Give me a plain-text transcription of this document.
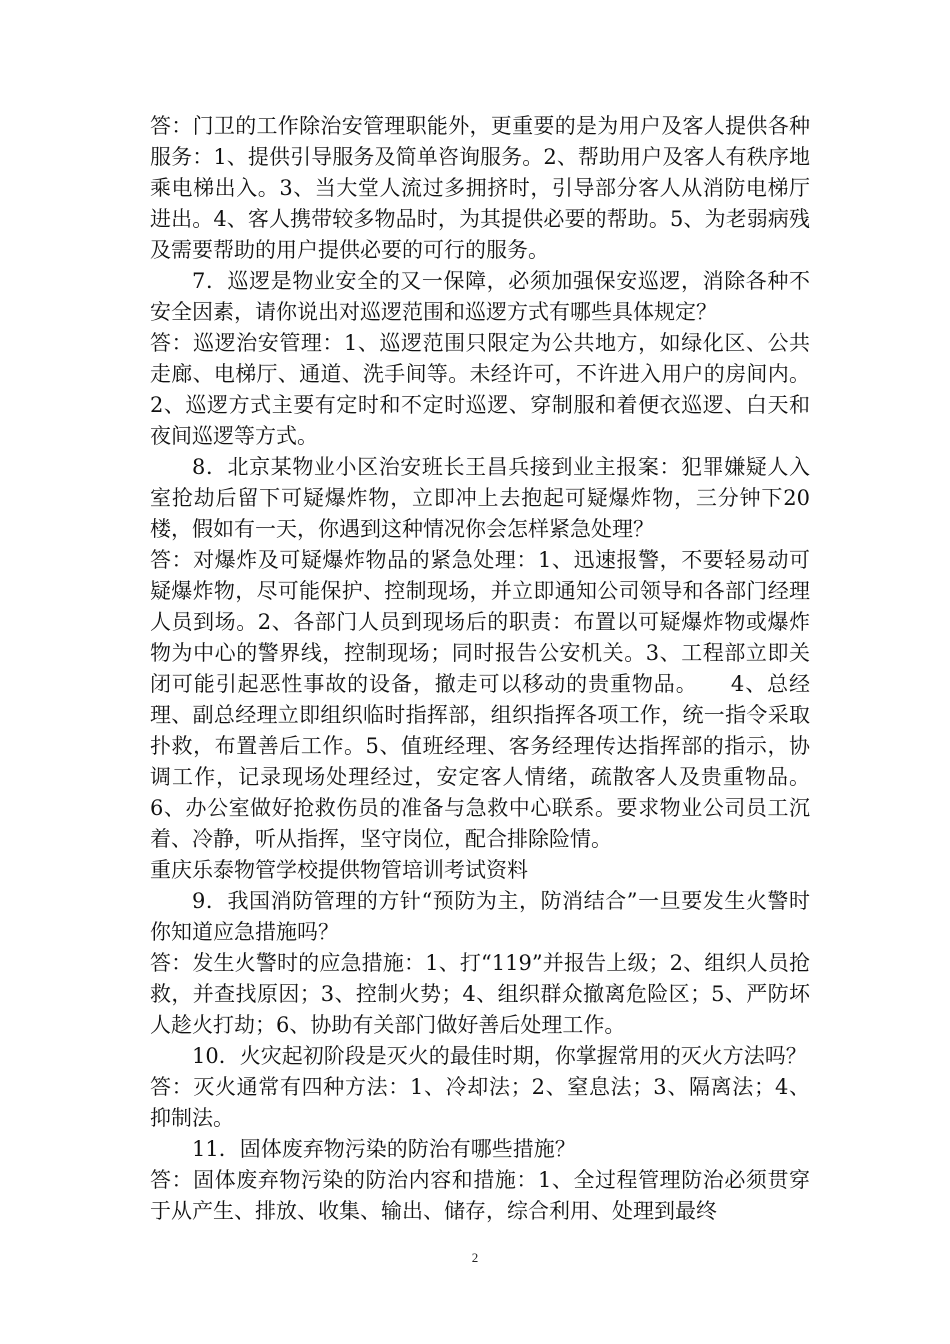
答：门卫的工作除治安管理职能外，更重要的是为用户及客人提供各种服务：1、提供引导服务及简单咨询服务。2、帮助用户及客人有秩序地乘电梯出入。3、当大堂人流过多拥挤时，引导部分客人从消防电梯厅进出。4、客人携带较多物品时，为其提供必要的帮助。5、为老弱病残及需要帮助的用户提供必要的可行的服务。

7．巡逻是物业安全的又一保障，必须加强保安巡逻，消除各种不安全因素，请你说出对巡逻范围和巡逻方式有哪些具体规定？

答：巡逻治安管理：1、巡逻范围只限定为公共地方，如绿化区、公共走廊、电梯厅、通道、洗手间等。未经许可，不许进入用户的房间内。2、巡逻方式主要有定时和不定时巡逻、穿制服和着便衣巡逻、白天和夜间巡逻等方式。

8．北京某物业小区治安班长王昌兵接到业主报案：犯罪嫌疑人入室抢劫后留下可疑爆炸物，立即冲上去抱起可疑爆炸物，三分钟下20楼，假如有一天，你遇到这种情况你会怎样紧急处理？

答：对爆炸及可疑爆炸物品的紧急处理：1、迅速报警，不要轻易动可疑爆炸物，尽可能保护、控制现场，并立即通知公司领导和各部门经理人员到场。2、各部门人员到现场后的职责：布置以可疑爆炸物或爆炸物为中心的警界线，控制现场；同时报告公安机关。3、工程部立即关闭可能引起恶性事故的设备，撤走可以移动的贵重物品。　　4、总经理、副总经理立即组织临时指挥部，组织指挥各项工作，统一指令采取扑救，布置善后工作。5、值班经理、客务经理传达指挥部的指示，协调工作，记录现场处理经过，安定客人情绪，疏散客人及贵重物品。6、办公室做好抢救伤员的准备与急救中心联系。要求物业公司员工沉着、冷静，听从指挥，坚守岗位，配合排除险情。

重庆乐泰物管学校提供物管培训考试资料

9．我国消防管理的方针“预防为主，防消结合”一旦要发生火警时你知道应急措施吗？

答：发生火警时的应急措施：1、打“119”并报告上级；2、组织人员抢救，并查找原因；3、控制火势；4、组织群众撤离危险区；5、严防坏人趁火打劫；6、协助有关部门做好善后处理工作。

10．火灾起初阶段是灭火的最佳时期，你掌握常用的灭火方法吗？

答：灭火通常有四种方法：1、冷却法；2、窒息法；3、隔离法；4、抑制法。

11．固体废弃物污染的防治有哪些措施？

答：固体废弃物污染的防治内容和措施：1、全过程管理防治必须贯穿于从产生、排放、收集、输出、储存，综合利用、处理到最终

2
